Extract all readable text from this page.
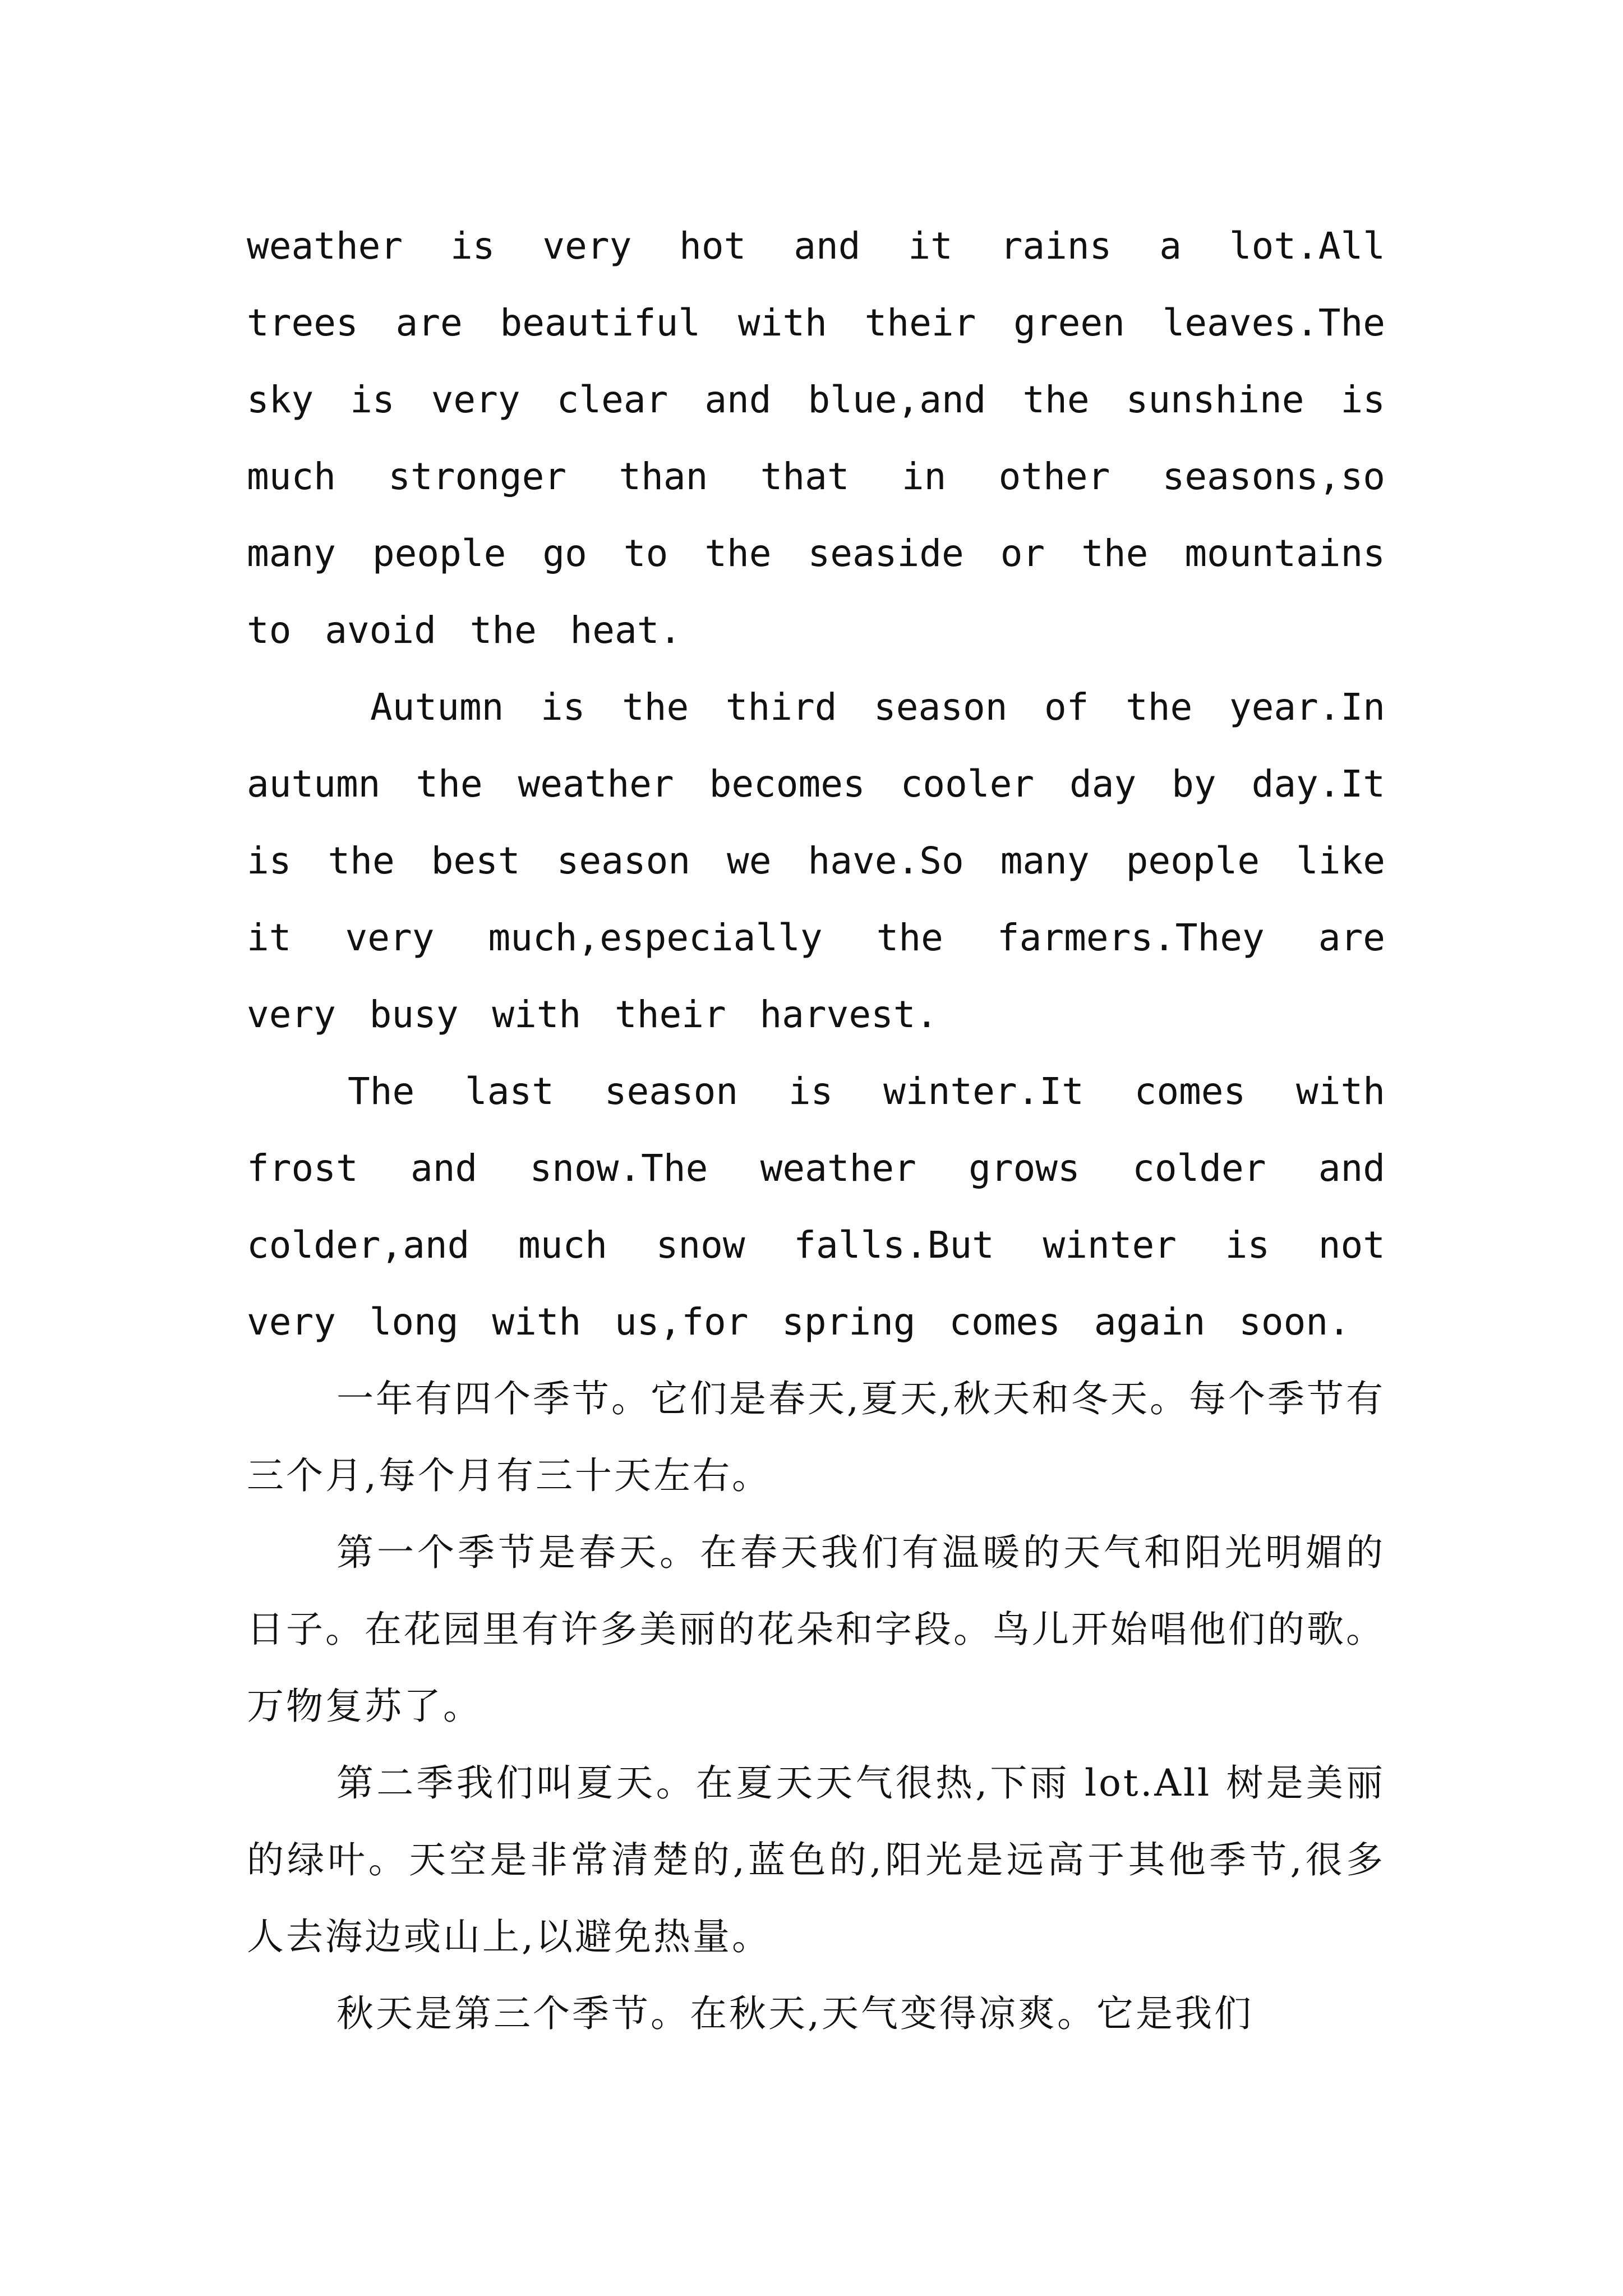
weather is very hot and it rains a lot.All trees are beautiful with their green leaves.The sky is very clear and blue,and the sunshine is much stronger than that in other seasons,so many people go to the seaside or the mountains to avoid the heat.

Autumn is the third season of the year.In autumn the weather becomes cooler day by day.It is the best season we have.So many people like it very much,especially the farmers.They are very busy with their harvest.

The last season is winter.It comes with frost and snow.The weather grows colder and colder,and much snow falls.But winter is not very long with us,for spring comes again soon.

一年有四个季节。它们是春天,夏天,秋天和冬天。每个季节有三个月,每个月有三十天左右。

第一个季节是春天。在春天我们有温暖的天气和阳光明媚的日子。在花园里有许多美丽的花朵和字段。鸟儿开始唱他们的歌。万物复苏了。

第二季我们叫夏天。在夏天天气很热,下雨 lot.All 树是美丽的绿叶。天空是非常清楚的,蓝色的,阳光是远高于其他季节,很多人去海边或山上,以避免热量。

秋天是第三个季节。在秋天,天气变得凉爽。它是我们
